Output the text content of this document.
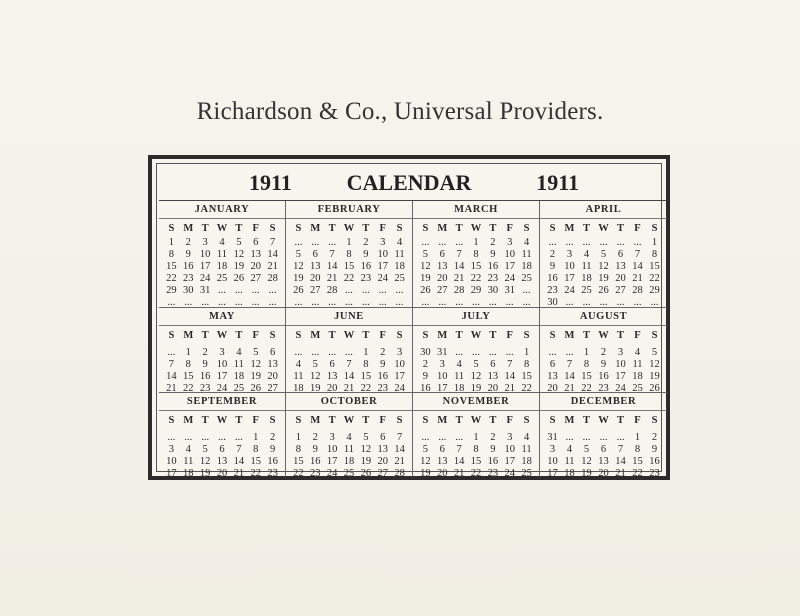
Richardson & Co., Universal Providers.
1911	CALENDAR	1911
JANUARY
S M T W T F	S
1	2	3	4	5	6	7
8	9 10 11 12 13 14
15 16 17 18 19 20 21
22 23 24 25 26 27 28
29 30 31 ... ... ... ...
... ... ... ... ... ... ...
FEBRUARY
S M T W T F	S
... ... ... 1	2	3	4
5	6	7	8	9 10 11
12 13 14 15 16 17 18
19 20 21 22 23 24 25
26 27 28 ... ... ... ...
... ... ... ... ... ... ...
MARCH
S M T W T F	S
... ... ... 1	2	3	4
5	6	7	8	9 10 11
12 13 14 15 16 17 18
19 20 21 22 23 24 25
26 27 28 29 30 31 ...
... ... ... ... ... ... ...
APRIL
S M T W T F	S
... ... ... ... ... ... 1
2	3	4	5	6	7	8
9 10 11 12 13 14 15
16 17 18 19 20 21 22
23 24 25 26 27 28 29
30 ... ... ... ... ... ...
MAY
S M T W T F	S
... 1	2	3	4	5	6
7	8	9 10 11 12 13
14 15 16 17 18 19 20
21 22 23 24 25 26 27
JUNE
S M T W T F	S
... ... ... ... 1	2	3
4	5	6	7	8	9 10
11 12 13 14 15 16 17
18 19 20 21 22 23 24
JULY
S M T W T F	S
30 31 ... ... ... ... 1
2	3	4	5	6	7	8
9 10 11 12 13 14 15
16 17 18 19 20 21 22
AUGUST
S M T W T F	S
... ... 1	2	3	4	5
6	7	8	9 10 11 12
13 14 15 16 17 18 19
20 21 22 23 24 25 26
SEPTEMBER
S M T W T F	S
... ... ... ... ... 1	2
3	4	5	6	7	8	9
10 11 12 13 14 15 16
17 18 19 20 21 22 23
OCTOBER
S M T W T F	S
1	2	3	4	5	6	7
8	9 10 11 12 13 14
15 16 17 18 19 20 21
22 23 24 25 26 27 28
NOVEMBER
S M T W T F	S
... ... ... 1	2	3	4
5	6	7	8	9 10 11
12 13 14 15 16 17 18
19 20 21 22 23 24 25
DECEMBER
S M T W T F	S
31 ... ... ... ... 1	2
3	4	5	6	7	8	9
10 11 12 13 14 15 16
17 18 19 20 21 22 23
